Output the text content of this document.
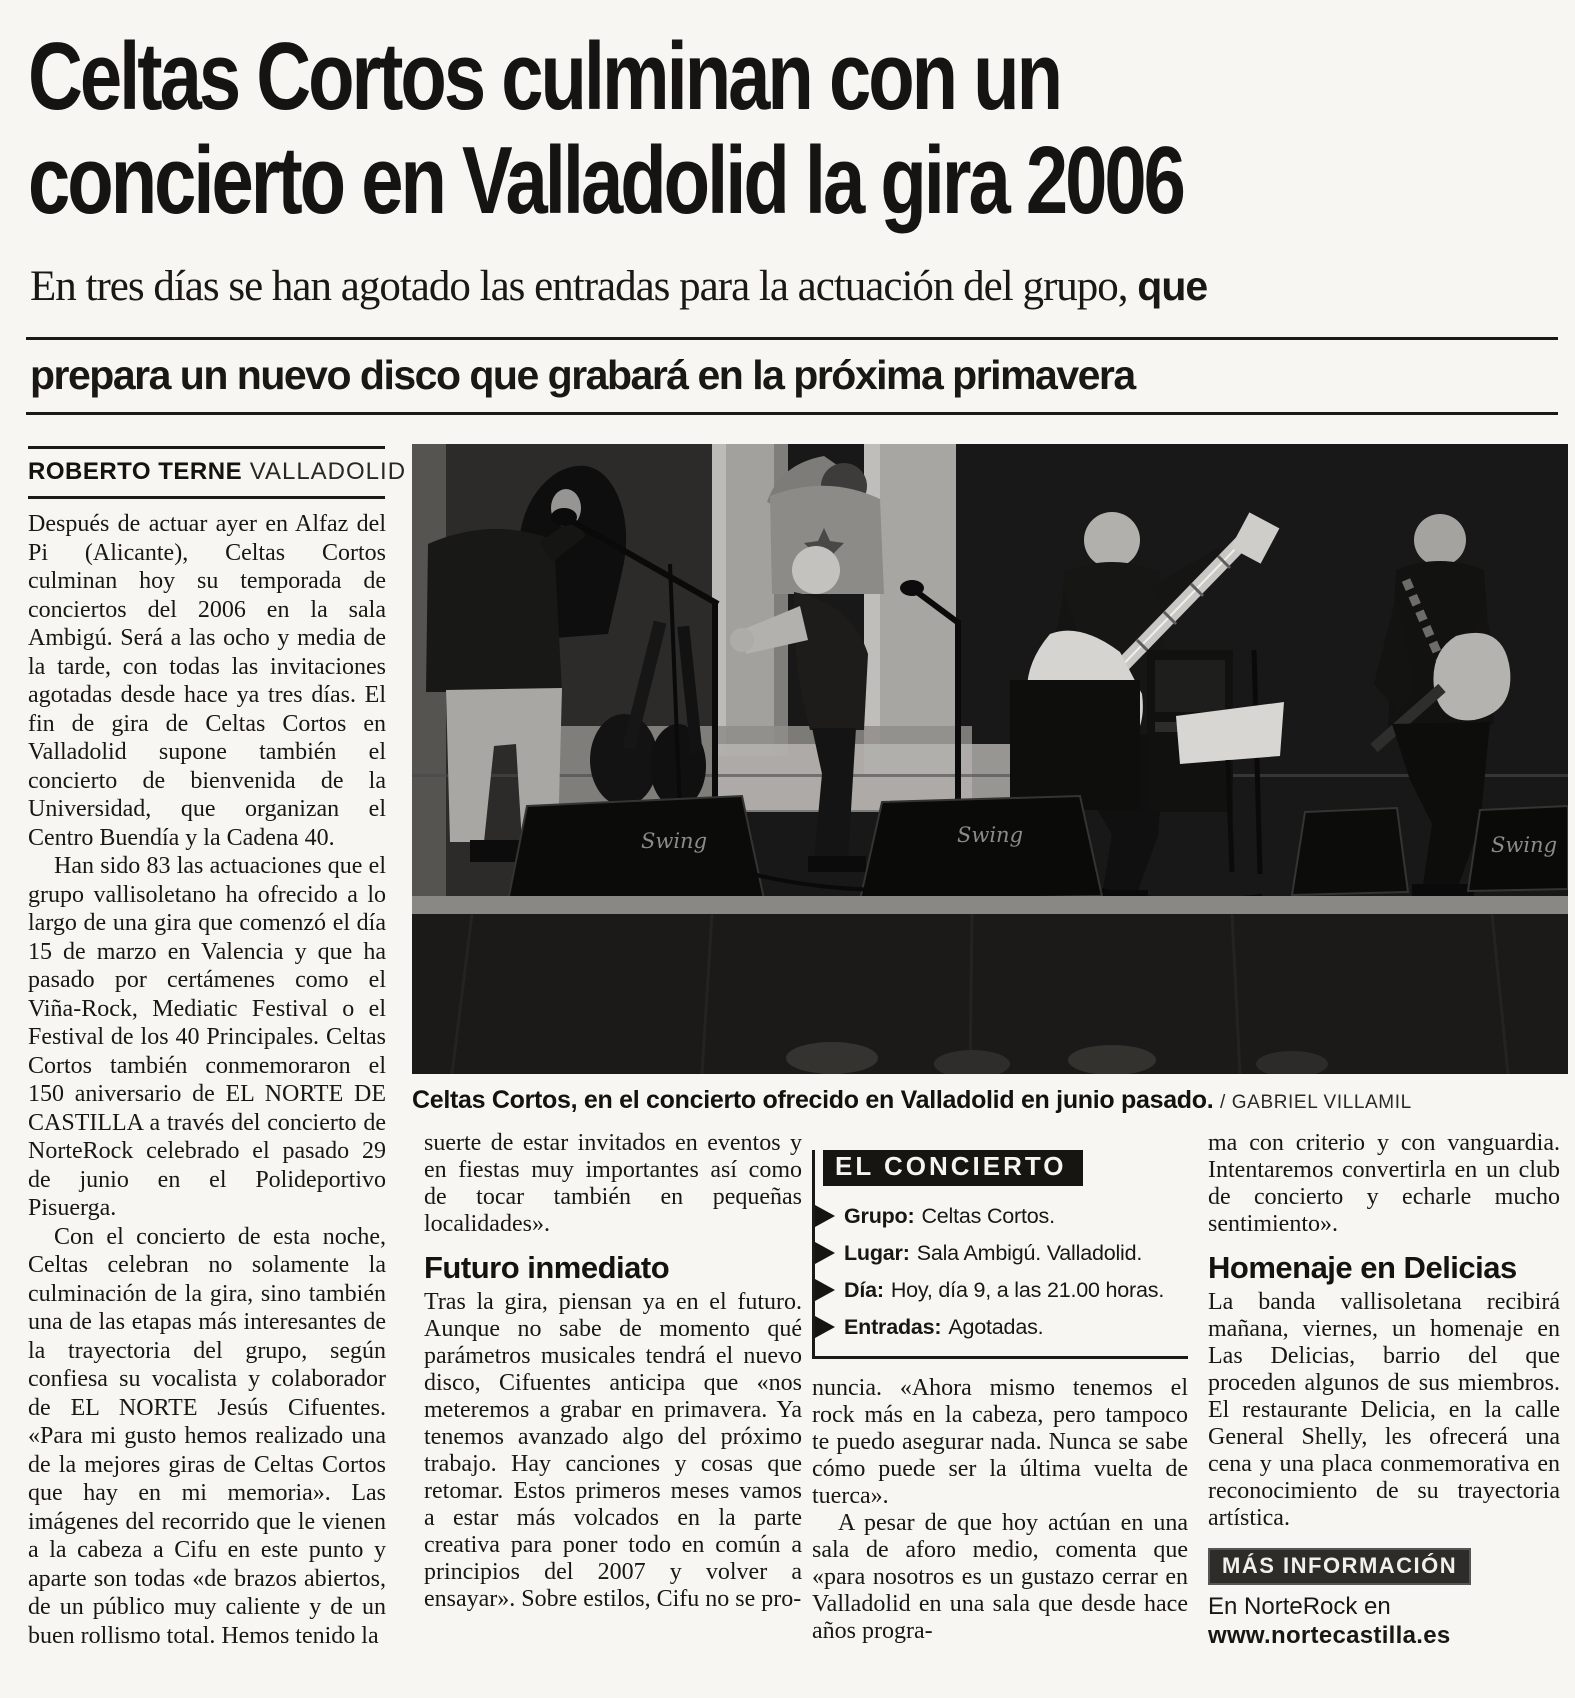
Celtas Cortos culminan con un
concierto en Valladolid la gira 2006
En tres días se han agotado las entradas para la actuación del grupo, que
prepara un nuevo disco que grabará en la próxima primavera
ROBERTO TERNE VALLADOLID

Después de actuar ayer en Alfaz del Pi (Alicante), Celtas Cortos culminan hoy su temporada de conciertos del 2006 en la sala Ambigú. Será a las ocho y media de la tarde, con todas las invitaciones agotadas desde hace ya tres días. El fin de gira de Celtas Cortos en Valladolid supone también el concierto de bienvenida de la Universidad, que organizan el Centro Buendía y la Cadena 40.

Han sido 83 las actuaciones que el grupo vallisoletano ha ofrecido a lo largo de una gira que comenzó el día 15 de marzo en Valencia y que ha pasado por certámenes como el Viña-Rock, Mediatic Festival o el Festival de los 40 Principales. Celtas Cortos también conmemoraron el 150 aniversario de EL NORTE DE CASTILLA a través del concierto de NorteRock celebrado el pasado 29 de junio en el Polideportivo Pisuerga.

Con el concierto de esta noche, Celtas celebran no solamente la culminación de la gira, sino también una de las etapas más interesantes de la trayectoria del grupo, según confiesa su vocalista y colaborador de EL NORTE Jesús Cifuentes. «Para mi gusto hemos realizado una de la mejores giras de Celtas Cortos que hay en mi memoria». Las imágenes del recorrido que le vienen a la cabeza a Cifu en este punto y aparte son todas «de brazos abiertos, de un público muy caliente y de un buen rollismo total. Hemos tenido la

Swing	Swing	Swing
Celtas Cortos, en el concierto ofrecido en Valladolid en junio pasado. / GABRIEL VILLAMIL

suerte de estar invitados en eventos y en fiestas muy importantes así como de tocar también en pequeñas localidades».

Futuro inmediato

Tras la gira, piensan ya en el futuro. Aunque no sabe de momento qué parámetros musicales tendrá el nuevo disco, Cifuentes anticipa que «nos meteremos a grabar en primavera. Ya tenemos avanzado algo del próximo trabajo. Hay canciones y cosas que retomar. Estos primeros meses vamos a estar más volcados en la parte creativa para poner todo en común a principios del 2007 y volver a ensayar». Sobre estilos, Cifu no se pro-

EL CONCIERTO
Grupo: Celtas Cortos.
Lugar: Sala Ambigú. Valladolid.
Día: Hoy, día 9, a las 21.00 horas.
Entradas: Agotadas.

nuncia. «Ahora mismo tenemos el rock más en la cabeza, pero tampoco te puedo asegurar nada. Nunca se sabe cómo puede ser la última vuelta de tuerca».

A pesar de que hoy actúan en una sala de aforo medio, comenta que «para nosotros es un gustazo cerrar en Valladolid en una sala que desde hace años progra-

ma con criterio y con vanguardia. Intentaremos convertirla en un club de concierto y echarle mucho sentimiento».

Homenaje en Delicias

La banda vallisoletana recibirá mañana, viernes, un homenaje en Las Delicias, barrio del que proceden algunos de sus miembros. El restaurante Delicia, en la calle General Shelly, les ofrecerá una cena y una placa conmemorativa en reconocimiento de su trayectoria artística.

MÁS INFORMACIÓN
En NorteRock en
www.nortecastilla.es
